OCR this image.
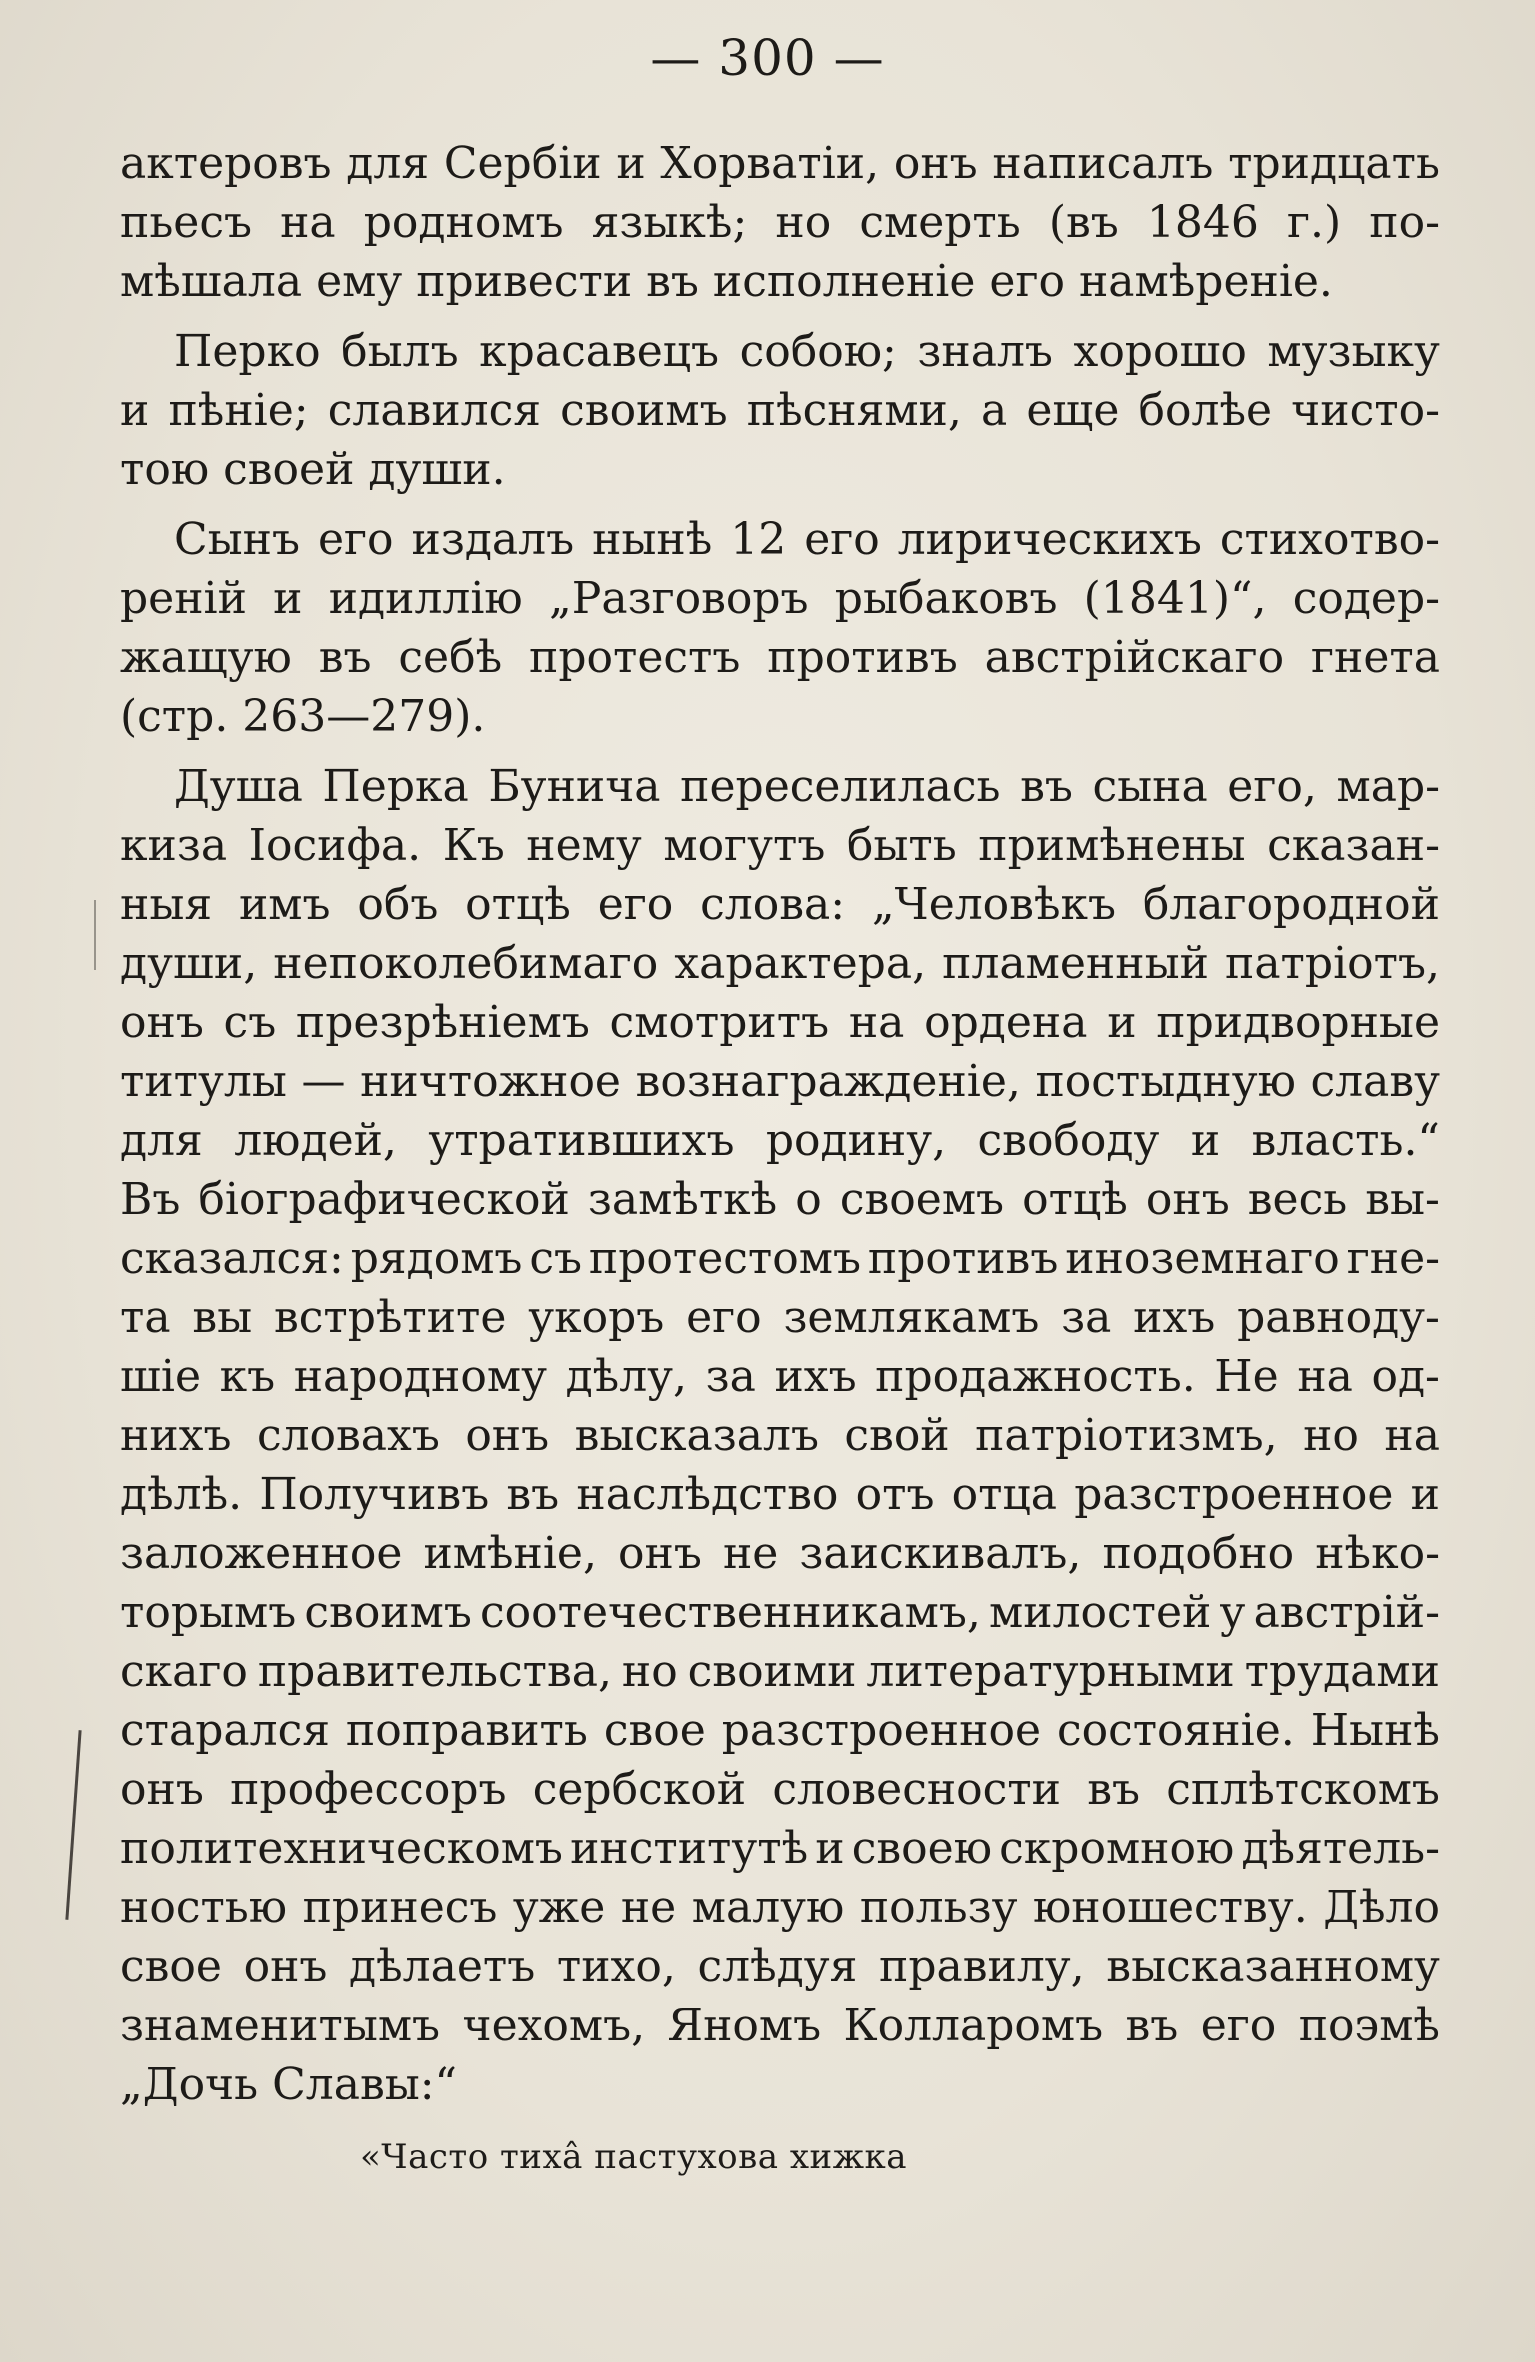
— 300 —
актеровъ для Сербіи и Хорватіи, онъ написалъ тридцать
пьесъ на родномъ языкѣ; но смерть (въ 1846 г.) по-
мѣшала ему привести въ исполненіе его намѣреніе.
Перко былъ красавецъ собою; зналъ хорошо музыку
и пѣніе; славился своимъ пѣснями, а еще болѣе чисто-
тою своей души.
Сынъ его издалъ нынѣ 12 его лирическихъ стихотво-
реній и идиллію „Разговоръ рыбаковъ (1841)“, содер-
жащую въ себѣ протестъ противъ австрійскаго гнета
(стр. 263—279).
Душа Перка Бунича переселилась въ сына его, мар-
киза Іосифа. Къ нему могутъ быть примѣнены сказан-
ныя имъ объ отцѣ его слова: „Человѣкъ благородной
души, непоколебимаго характера, пламенный патріотъ,
онъ съ презрѣніемъ смотритъ на ордена и придворные
титулы — ничтожное вознагражденіе, постыдную славу
для людей, утратившихъ родину, свободу и власть.“
Въ біографической замѣткѣ о своемъ отцѣ онъ весь вы-
сказался: рядомъ съ протестомъ противъ иноземнаго гне-
та вы встрѣтите укоръ его землякамъ за ихъ равноду-
шіе къ народному дѣлу, за ихъ продажность. Не на од-
нихъ словахъ онъ высказалъ свой патріотизмъ, но на
дѣлѣ. Получивъ въ наслѣдство отъ отца разстроенное и
заложенное имѣніе, онъ не заискивалъ, подобно нѣко-
торымъ своимъ соотечественникамъ, милостей у австрій-
скаго правительства, но своими литературными трудами
старался поправить свое разстроенное состояніе. Нынѣ
онъ профессоръ сербской словесности въ сплѣтскомъ
политехническомъ институтѣ и своею скромною дѣятель-
ностью принесъ уже не малую пользу юношеству. Дѣло
свое онъ дѣлаетъ тихо, слѣдуя правилу, высказанному
знаменитымъ чехомъ, Яномъ Колларомъ въ его поэмѣ
„Дочь Славы:“
«Часто тиха̂ пастухова хижка
